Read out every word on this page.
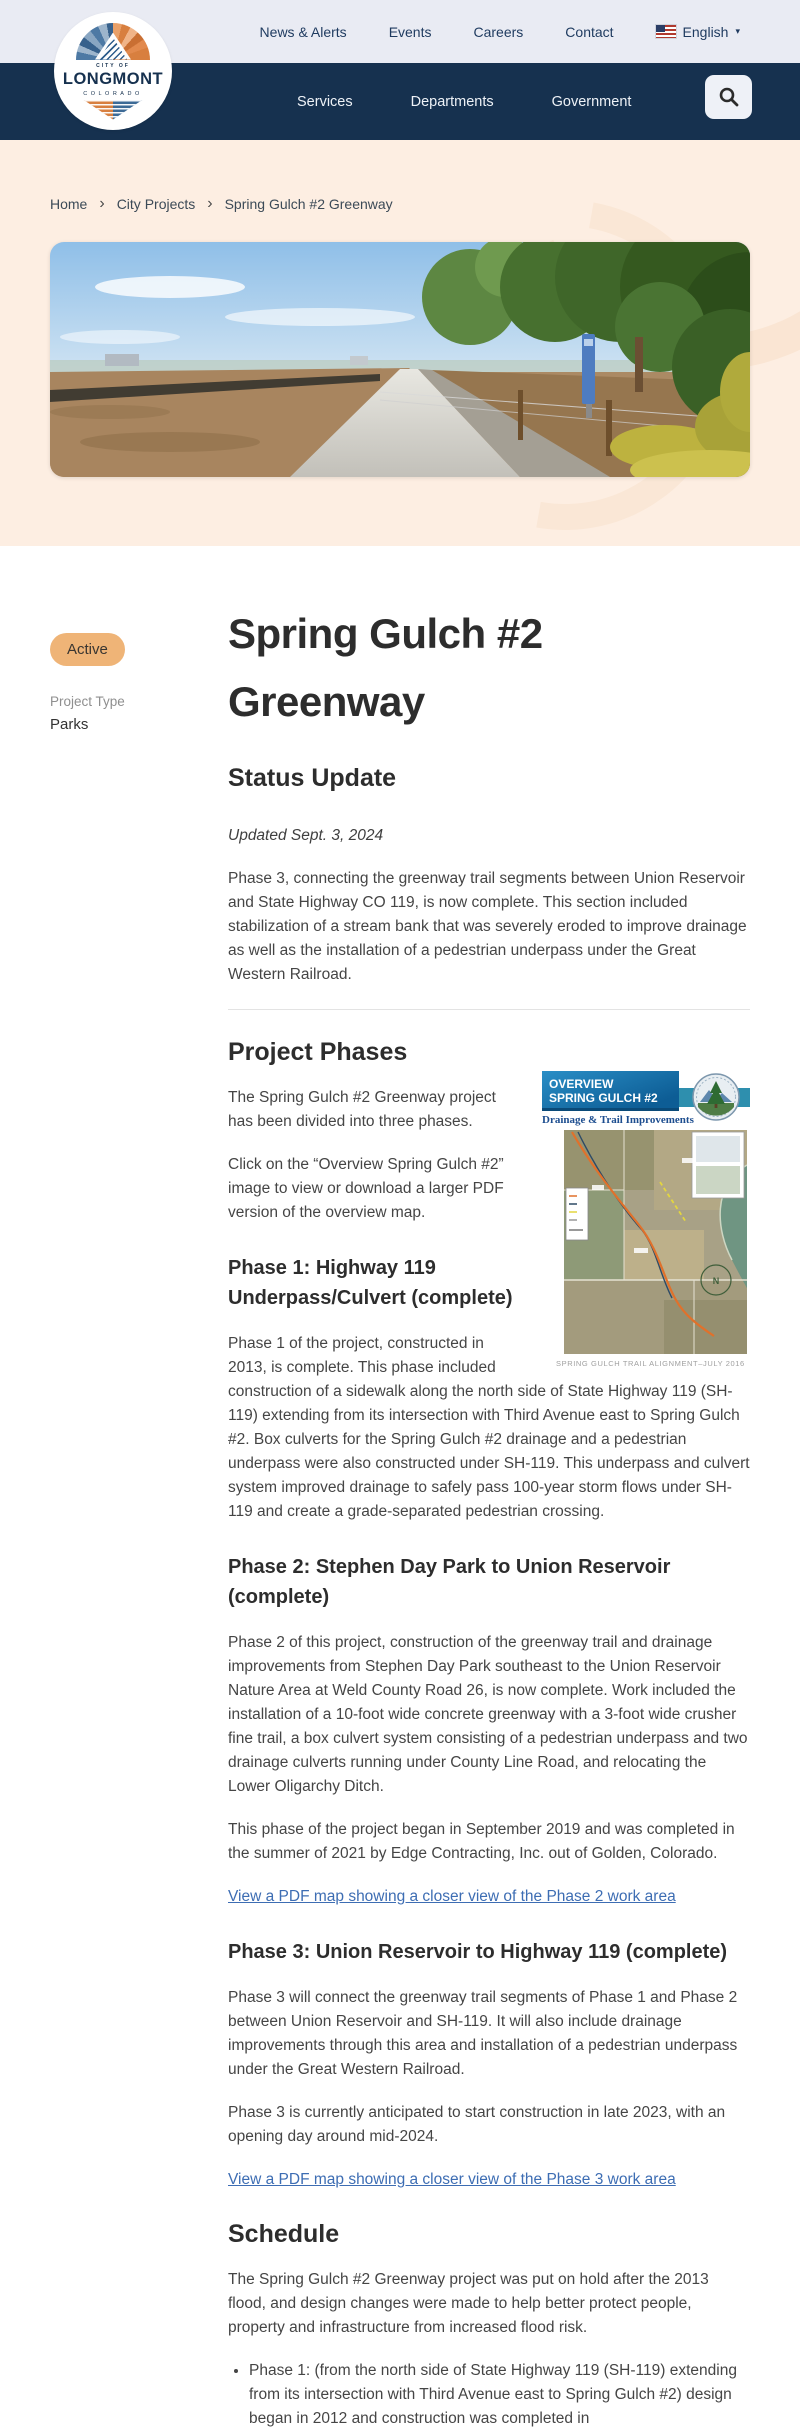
News & Alerts	Events	Careers	Contact	English
▾
Services	Departments	Government
CITY OF
LONGMONT
COLORADO
Home › City Projects › Spring Gulch #2 Greenway
Active
Project Type
Parks
Spring Gulch #2 Greenway
Status Update

Updated Sept. 3, 2024

Phase 3, connecting the greenway trail segments between Union Reservoir and State Highway CO 119, is now complete. This section included stabilization of a stream bank that was severely eroded to improve drainage as well as the installation of a pedestrian underpass under the Great Western Railroad.

Project Phases
OVERVIEW
SPRING GULCH #2
Drainage & Trail Improvements
N
SPRING GULCH TRAIL ALIGNMENT–JULY 2016

The Spring Gulch #2 Greenway project has been divided into three phases.

Click on the “Overview Spring Gulch #2” image to view or download a larger PDF version of the overview map.

Phase 1: Highway 119 Underpass/Culvert (complete)

Phase 1 of the project, constructed in 2013, is complete. This phase included construction of a sidewalk along the north side of State Highway 119 (SH-119) extending from its intersection with Third Avenue east to Spring Gulch #2. Box culverts for the Spring Gulch #2 drainage and a pedestrian underpass were also constructed under SH-119. This underpass and culvert system improved drainage to safely pass 100-year storm flows under SH-119 and create a grade-separated pedestrian crossing.

Phase 2: Stephen Day Park to Union Reservoir (complete)

Phase 2 of this project, construction of the greenway trail and drainage improvements from Stephen Day Park southeast to the Union Reservoir Nature Area at Weld County Road 26, is now complete. Work included the installation of a 10-foot wide concrete greenway with a 3-foot wide crusher fine trail, a box culvert system consisting of a pedestrian underpass and two drainage culverts running under County Line Road, and relocating the Lower Oligarchy Ditch.

This phase of the project began in September 2019 and was completed in the summer of 2021 by Edge Contracting, Inc. out of Golden, Colorado.

View a PDF map showing a closer view of the Phase 2 work area

Phase 3: Union Reservoir to Highway 119 (complete)

Phase 3 will connect the greenway trail segments of Phase 1 and Phase 2 between Union Reservoir and SH-119. It will also include drainage improvements through this area and installation of a pedestrian underpass under the Great Western Railroad.

Phase 3 is currently anticipated to start construction in late 2023, with an opening day around mid-2024.

View a PDF map showing a closer view of the Phase 3 work area

Schedule

The Spring Gulch #2 Greenway project was put on hold after the 2013 flood, and design changes were made to help better protect people, property and infrastructure from increased flood risk.

• Phase 1: (from the north side of State Highway 119 (SH-119) extending from its intersection with Third Avenue east to Spring Gulch #2) design began in 2012 and construction was completed in
